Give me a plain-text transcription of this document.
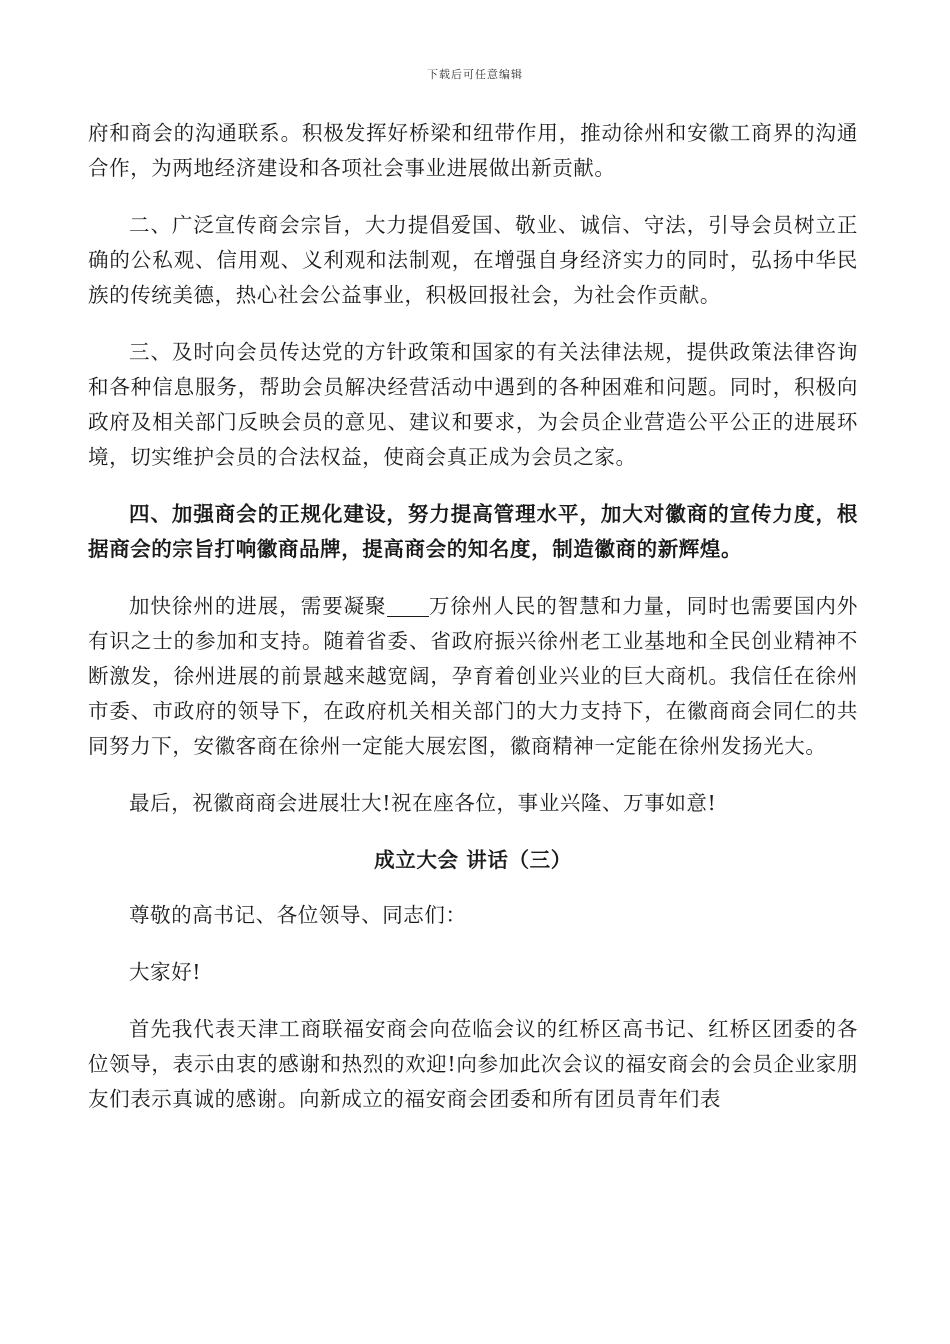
下载后可任意编辑

府和商会的沟通联系。积极发挥好桥梁和纽带作用，推动徐州和安徽工商界的沟通合作，为两地经济建设和各项社会事业进展做出新贡献。

二、广泛宣传商会宗旨，大力提倡爱国、敬业、诚信、守法，引导会员树立正确的公私观、信用观、义利观和法制观，在增强自身经济实力的同时，弘扬中华民族的传统美德，热心社会公益事业，积极回报社会，为社会作贡献。

三、及时向会员传达党的方针政策和国家的有关法律法规，提供政策法律咨询和各种信息服务，帮助会员解决经营活动中遇到的各种困难和问题。同时，积极向政府及相关部门反映会员的意见、建议和要求，为会员企业营造公平公正的进展环境，切实维护会员的合法权益，使商会真正成为会员之家。

四、加强商会的正规化建设，努力提高管理水平，加大对徽商的宣传力度，根据商会的宗旨打响徽商品牌，提高商会的知名度，制造徽商的新辉煌。

加快徐州的进展，需要凝聚 万徐州人民的智慧和力量，同时也需要国内外有识之士的参加和支持。随着省委、省政府振兴徐州老工业基地和全民创业精神不断激发，徐州进展的前景越来越宽阔，孕育着创业兴业的巨大商机。我信任在徐州市委、市政府的领导下，在政府机关相关部门的大力支持下，在徽商商会同仁的共同努力下，安徽客商在徐州一定能大展宏图，徽商精神一定能在徐州发扬光大。

最后，祝徽商商会进展壮大!祝在座各位，事业兴隆、万事如意!

成立大会 讲话（三）

尊敬的高书记、各位领导、同志们：

大家好!

首先我代表天津工商联福安商会向莅临会议的红桥区高书记、红桥区团委的各位领导，表示由衷的感谢和热烈的欢迎!向参加此次会议的福安商会的会员企业家朋友们表示真诚的感谢。向新成立的福安商会团委和所有团员青年们表
